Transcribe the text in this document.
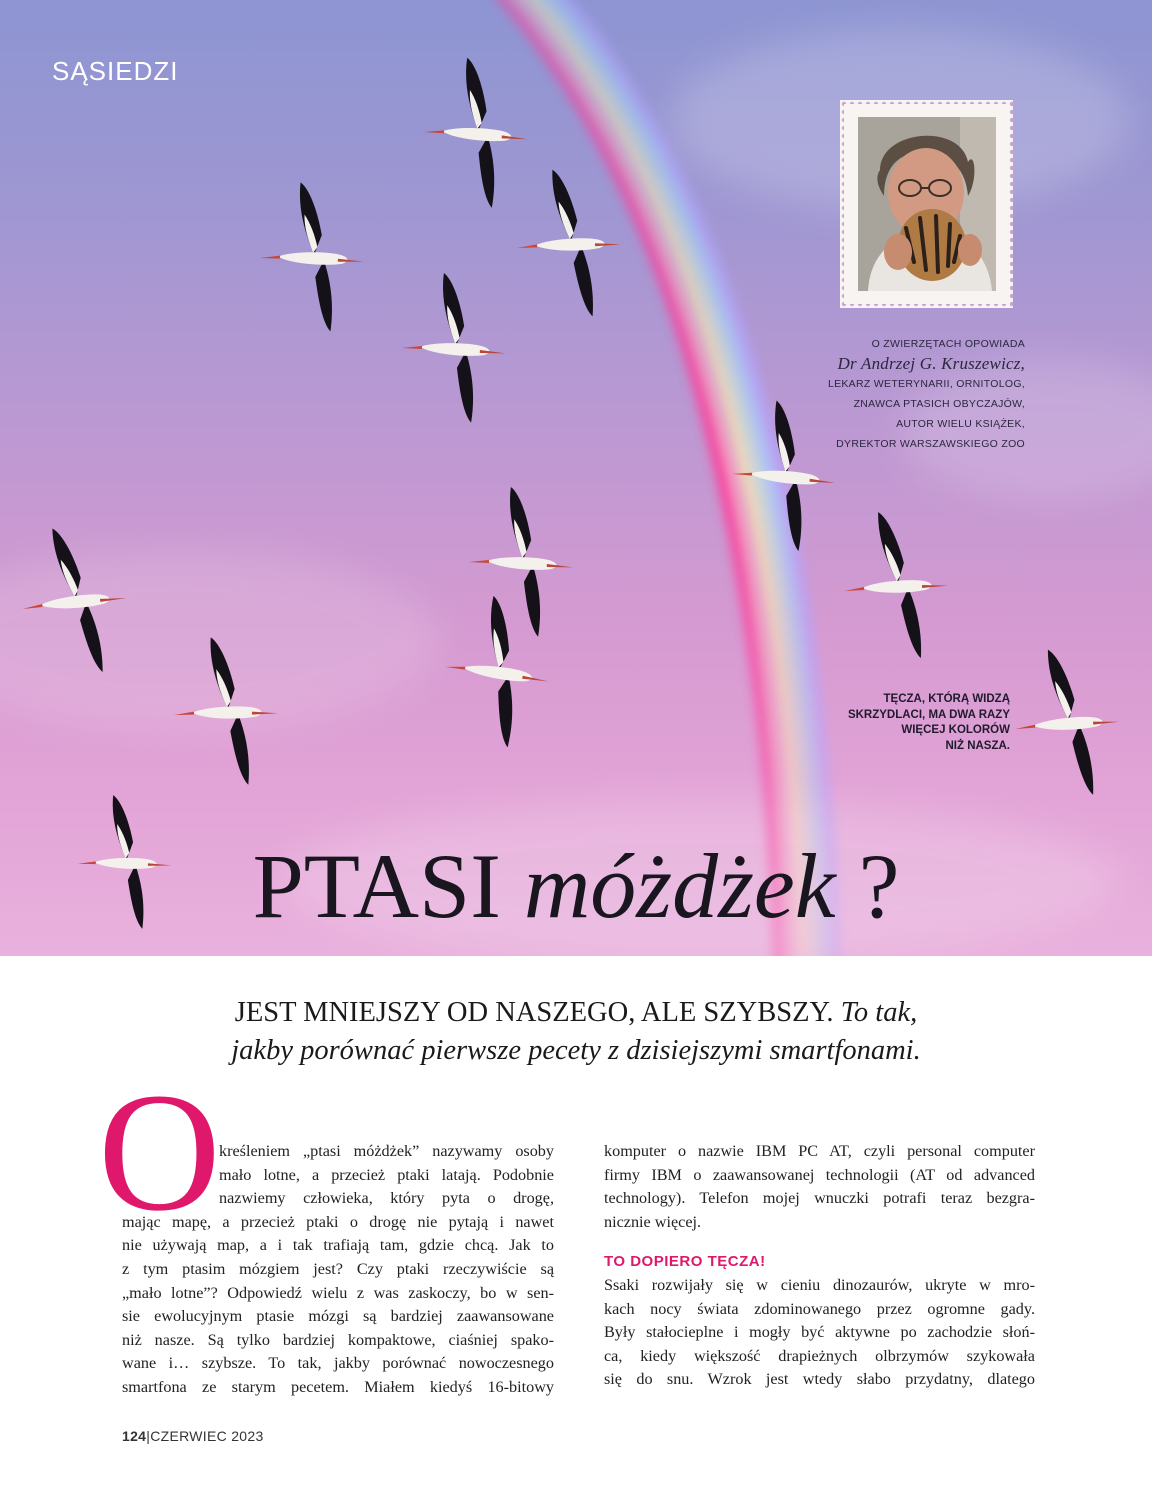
SĄSIEDZI
O ZWIERZĘTACH OPOWIADA
Dr Andrzej G. Kruszewicz,
LEKARZ WETERYNARII, ORNITOLOG,
ZNAWCA PTASICH OBYCZAJÓW,
AUTOR WIELU KSIĄŻEK,
DYREKTOR WARSZAWSKIEGO ZOO
TĘCZA, KTÓRĄ WIDZĄ
SKRZYDLACI, MA DWA RAZY
WIĘCEJ KOLORÓW
NIŻ NASZA.
PTASI móżdżek ?
JEST MNIEJSZY OD NASZEGO, ALE SZYBSZY. To tak,
jakby porównać pierwsze pecety z dzisiejszymi smartfonami.
O

kreśleniem „ptasi móżdżek” nazywamy osoby
mało lotne, a przecież ptaki latają. Podobnie
nazwiemy człowieka, który pyta o drogę,

mając mapę, a przecież ptaki o drogę nie pytają i nawet
nie używają map, a i tak trafiają tam, gdzie chcą. Jak to
z tym ptasim mózgiem jest? Czy ptaki rzeczywiście są
„mało lotne”? Odpowiedź wielu z was zaskoczy, bo w sen-
sie ewolucyjnym ptasie mózgi są bardziej zaawansowane
niż nasze. Są tylko bardziej kompaktowe, ciaśniej spako-
wane i… szybsze. To tak, jakby porównać nowoczesnego
smartfona ze starym pecetem. Miałem kiedyś 16-bitowy

komputer o nazwie IBM PC AT, czyli personal computer
firmy IBM o zaawansowanej technologii (AT od advanced
technology). Telefon mojej wnuczki potrafi teraz bezgra-
nicznie więcej.

TO DOPIERO TĘCZA!

Ssaki rozwijały się w cieniu dinozaurów, ukryte w mro-
kach nocy świata zdominowanego przez ogromne gady.
Były stałocieplne i mogły być aktywne po zachodzie słoń-
ca, kiedy większość drapieżnych olbrzymów szykowała
się do snu. Wzrok jest wtedy słabo przydatny, dlatego

124|CZERWIEC 2023
